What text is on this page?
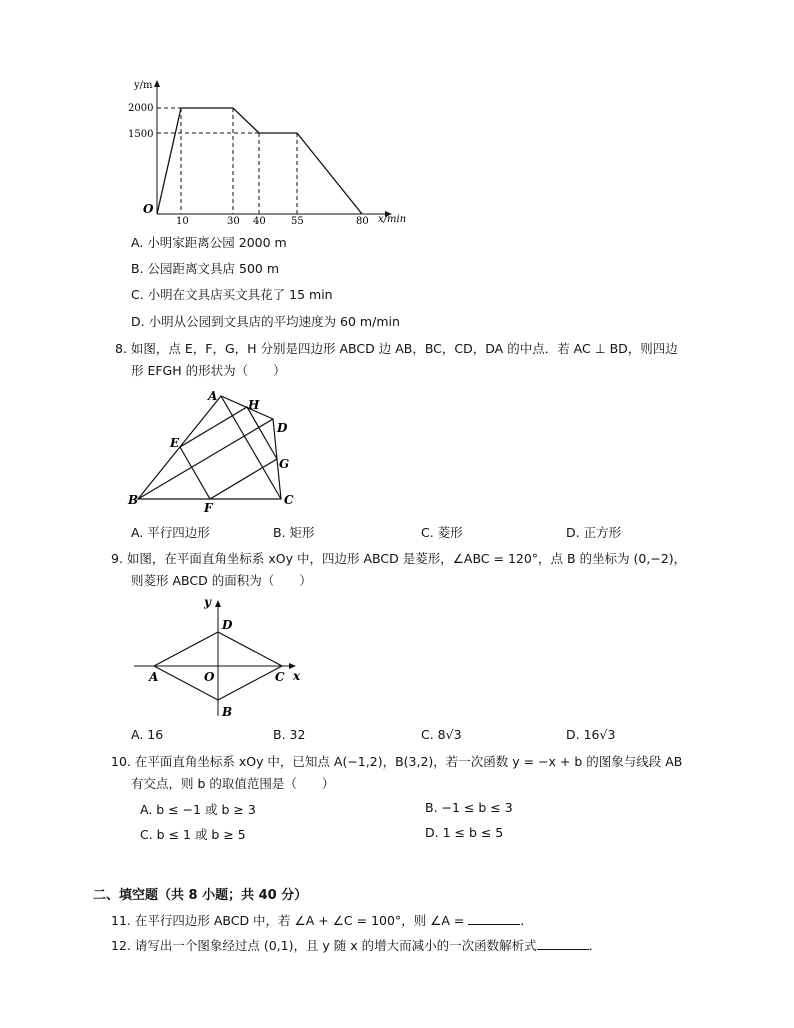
y/m
x/min
O
2000
1500
10	30 40	55	80
A. 小明家距离公园 2000 m
B. 公园距离文具店 500 m
C. 小明在文具店买文具花了 15 min
D. 小明从公园到文具店的平均速度为 60 m/min
8. 如图，点 E，F，G，H 分别是四边形 ABCD 边 AB，BC，CD，DA 的中点．若 AC ⊥ BD，则四边
形 EFGH 的形状为（　　）
A
H
D
E
G
B
F
C
A. 平行四边形	B. 矩形	C. 菱形	D. 正方形
9. 如图，在平面直角坐标系 xOy 中，四边形 ABCD 是菱形，∠ABC = 120°，点 B 的坐标为 (0,−2)，
则菱形 ABCD 的面积为（　　）
y
D
A	O	C x
B
A. 16	B. 32	C. 8√3	D. 16√3
10. 在平面直角坐标系 xOy 中，已知点 A(−1,2)，B(3,2)，若一次函数 y = −x + b 的图象与线段 AB
有交点，则 b 的取值范围是（　　）
A. b ≤ −1 或 b ≥ 3	B. −1 ≤ b ≤ 3
C. b ≤ 1 或 b ≥ 5	D. 1 ≤ b ≤ 5
二、填空题（共 8 小题；共 40 分）
11. 在平行四边形 ABCD 中，若 ∠A + ∠C = 100°，则 ∠A =	．
12. 请写出一个图象经过点 (0,1)，且 y 随 x 的增大而减小的一次函数解析式	．
